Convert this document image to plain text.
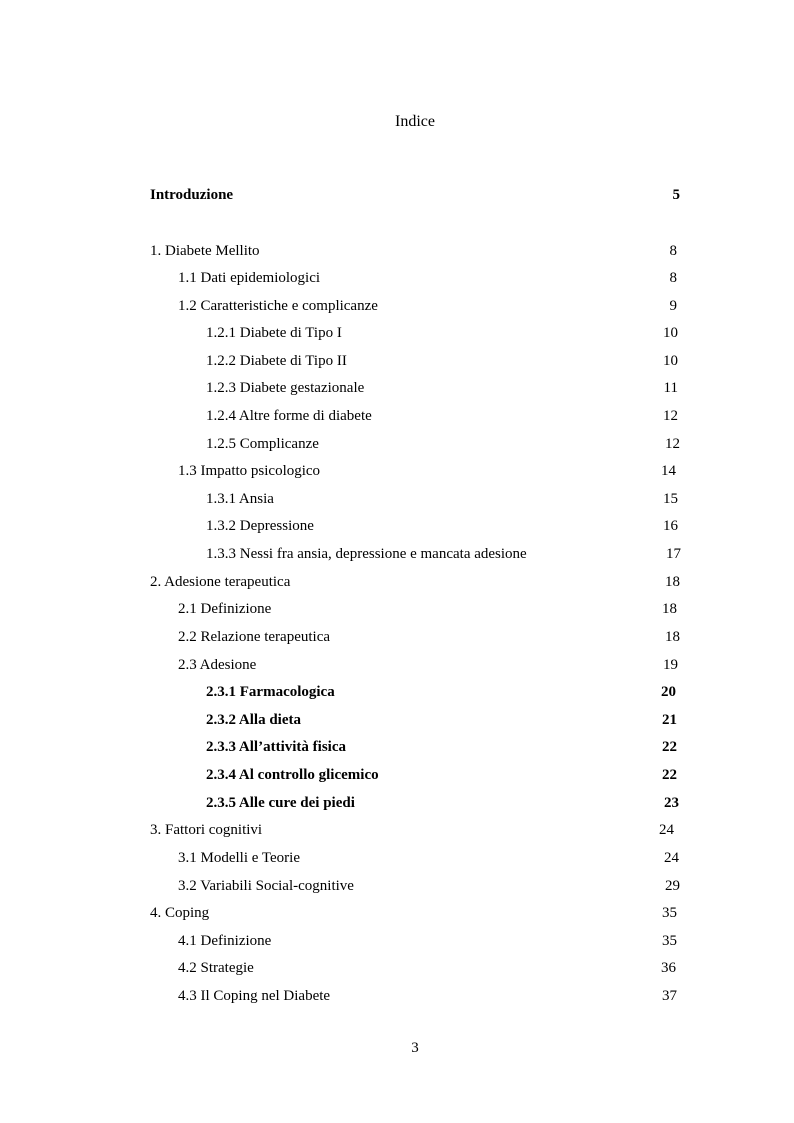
Indice
Introduzione	5
1. Diabete Mellito	8
1.1 Dati epidemiologici	8
1.2 Caratteristiche e complicanze	9
1.2.1 Diabete di Tipo I	10
1.2.2 Diabete di Tipo II	10
1.2.3 Diabete gestazionale	11
1.2.4 Altre forme di diabete	12
1.2.5 Complicanze	12
1.3 Impatto psicologico	14
1.3.1 Ansia	15
1.3.2 Depressione	16
1.3.3 Nessi fra ansia, depressione e mancata adesione	17
2. Adesione terapeutica	18
2.1 Definizione	18
2.2 Relazione terapeutica	18
2.3 Adesione	19
2.3.1 Farmacologica	20
2.3.2 Alla dieta	21
2.3.3 All’attività fisica	22
2.3.4 Al controllo glicemico	22
2.3.5 Alle cure dei piedi	23
3. Fattori cognitivi	24
3.1 Modelli e Teorie	24
3.2 Variabili Social-cognitive	29
4. Coping	35
4.1 Definizione	35
4.2 Strategie	36
4.3 Il Coping nel Diabete	37
3
